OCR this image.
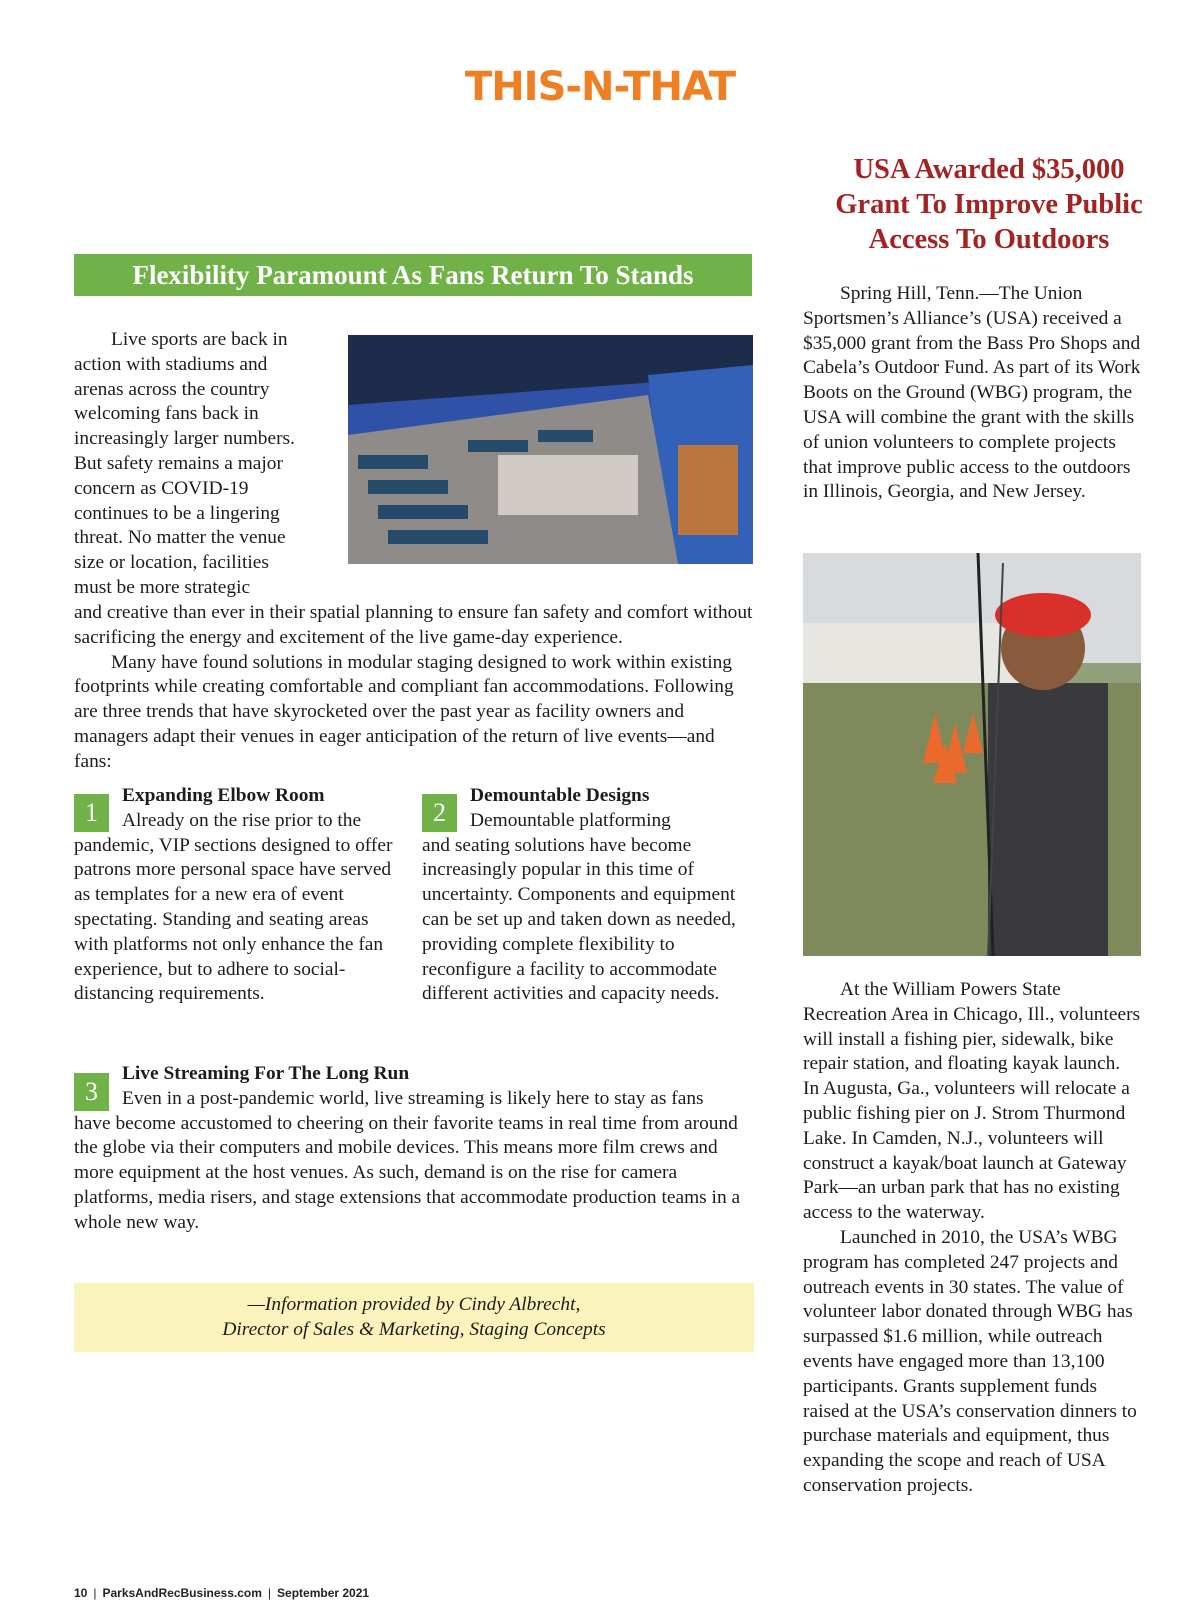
THIS-N-THAT
Flexibility Paramount As Fans Return To Stands
Live sports are back in
action with stadiums and
arenas across the country
welcoming fans back in
increasingly larger numbers.
But safety remains a major
concern as COVID-19
continues to be a lingering
threat. No matter the venue
size or location, facilities
must be more strategic

and creative than ever in their spatial planning to ensure fan safety and comfort without sacrificing the energy and excitement of the live game-day experience.

Many have found solutions in modular staging designed to work within existing footprints while creating comfortable and compliant fan accommodations. Following are three trends that have skyrocketed over the past year as facility owners and managers adapt their venues in eager anticipation of the return of live events—and fans:

1
Expanding Elbow Room
Already on the rise prior to the
pandemic, VIP sections designed to offer patrons more personal space have served as templates for a new era of event spectating. Standing and seating areas with platforms not only enhance the fan experience, but to adhere to social-distancing requirements.
2
Demountable Designs
Demountable platforming
and seating solutions have become increasingly popular in this time of uncertainty. Components and equipment can be set up and taken down as needed, providing complete flexibility to reconfigure a facility to accommodate different activities and capacity needs.
3
Live Streaming For The Long Run
Even in a post-pandemic world, live streaming is likely here to stay as fans
have become accustomed to cheering on their favorite teams in real time from around the globe via their computers and mobile devices. This means more film crews and more equipment at the host venues. As such, demand is on the rise for camera platforms, media risers, and stage extensions that accommodate production teams in a whole new way.
—Information provided by Cindy Albrecht,
Director of Sales & Marketing, Staging Concepts
USA Awarded $35,000
Grant To Improve Public
Access To Outdoors

Spring Hill, Tenn.—The Union Sportsmen’s Alliance’s (USA) received a $35,000 grant from the Bass Pro Shops and Cabela’s Outdoor Fund. As part of its Work Boots on the Ground (WBG) program, the USA will combine the grant with the skills of union volunteers to complete projects that improve public access to the outdoors in Illinois, Georgia, and New Jersey.

At the William Powers State Recreation Area in Chicago, Ill., volunteers will install a fishing pier, sidewalk, bike repair station, and floating kayak launch. In Augusta, Ga., volunteers will relocate a public fishing pier on J. Strom Thurmond Lake. In Camden, N.J., volunteers will construct a kayak/boat launch at Gateway Park—an urban park that has no existing access to the waterway.

Launched in 2010, the USA’s WBG program has completed 247 projects and outreach events in 30 states. The value of volunteer labor donated through WBG has surpassed $1.6 million, while outreach events have engaged more than 13,100 participants. Grants supplement funds raised at the USA’s conservation dinners to purchase materials and equipment, thus expanding the scope and reach of USA conservation projects.

10 | ParksAndRecBusiness.com | September 2021
